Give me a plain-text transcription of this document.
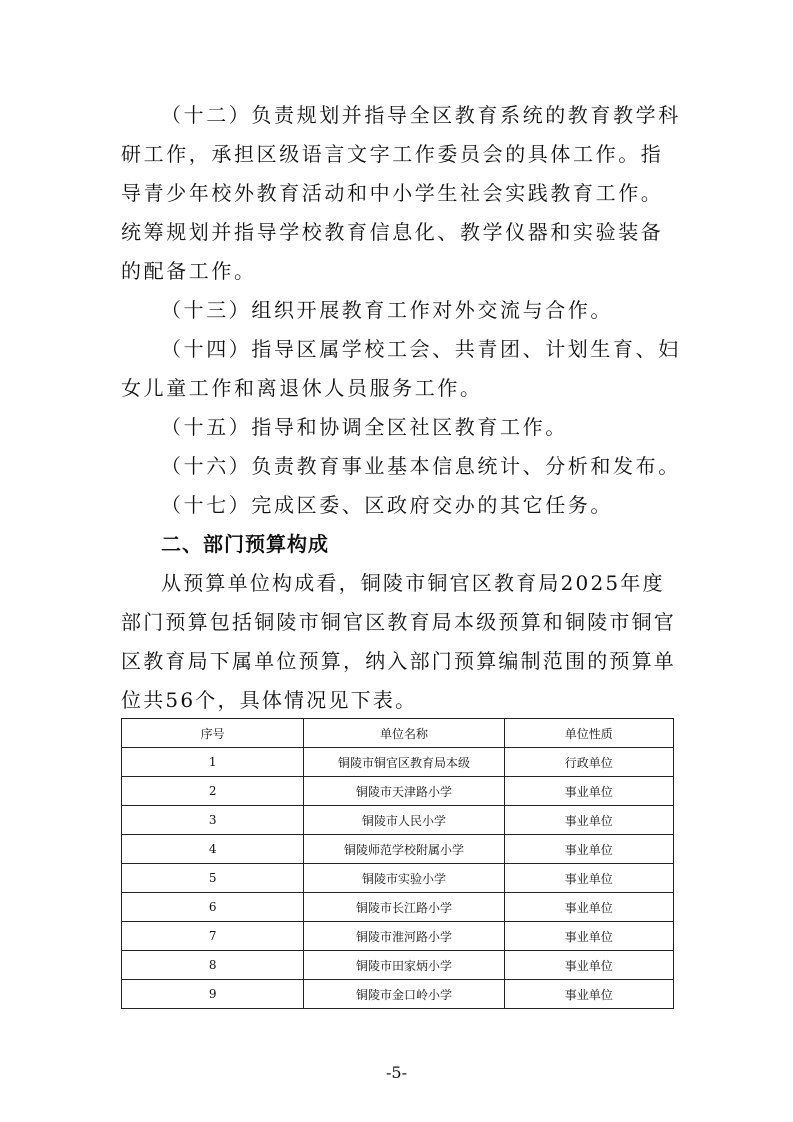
（十二）负责规划并指导全区教育系统的教育教学科研工作，承担区级语言文字工作委员会的具体工作。指导青少年校外教育活动和中小学生社会实践教育工作。统筹规划并指导学校教育信息化、教学仪器和实验装备的配备工作。

（十三）组织开展教育工作对外交流与合作。

（十四）指导区属学校工会、共青团、计划生育、妇女儿童工作和离退休人员服务工作。

（十五）指导和协调全区社区教育工作。

（十六）负责教育事业基本信息统计、分析和发布。

（十七）完成区委、区政府交办的其它任务。

二、部门预算构成

从预算单位构成看，铜陵市铜官区教育局2025年度部门预算包括铜陵市铜官区教育局本级预算和铜陵市铜官区教育局下属单位预算，纳入部门预算编制范围的预算单位共56个，具体情况见下表。

序号	单位名称	单位性质
1	铜陵市铜官区教育局本级	行政单位
2	铜陵市天津路小学	事业单位
3	铜陵市人民小学	事业单位
4	铜陵师范学校附属小学	事业单位
5	铜陵市实验小学	事业单位
6	铜陵市长江路小学	事业单位
7	铜陵市淮河路小学	事业单位
8	铜陵市田家炳小学	事业单位
9	铜陵市金口岭小学	事业单位
-5-
